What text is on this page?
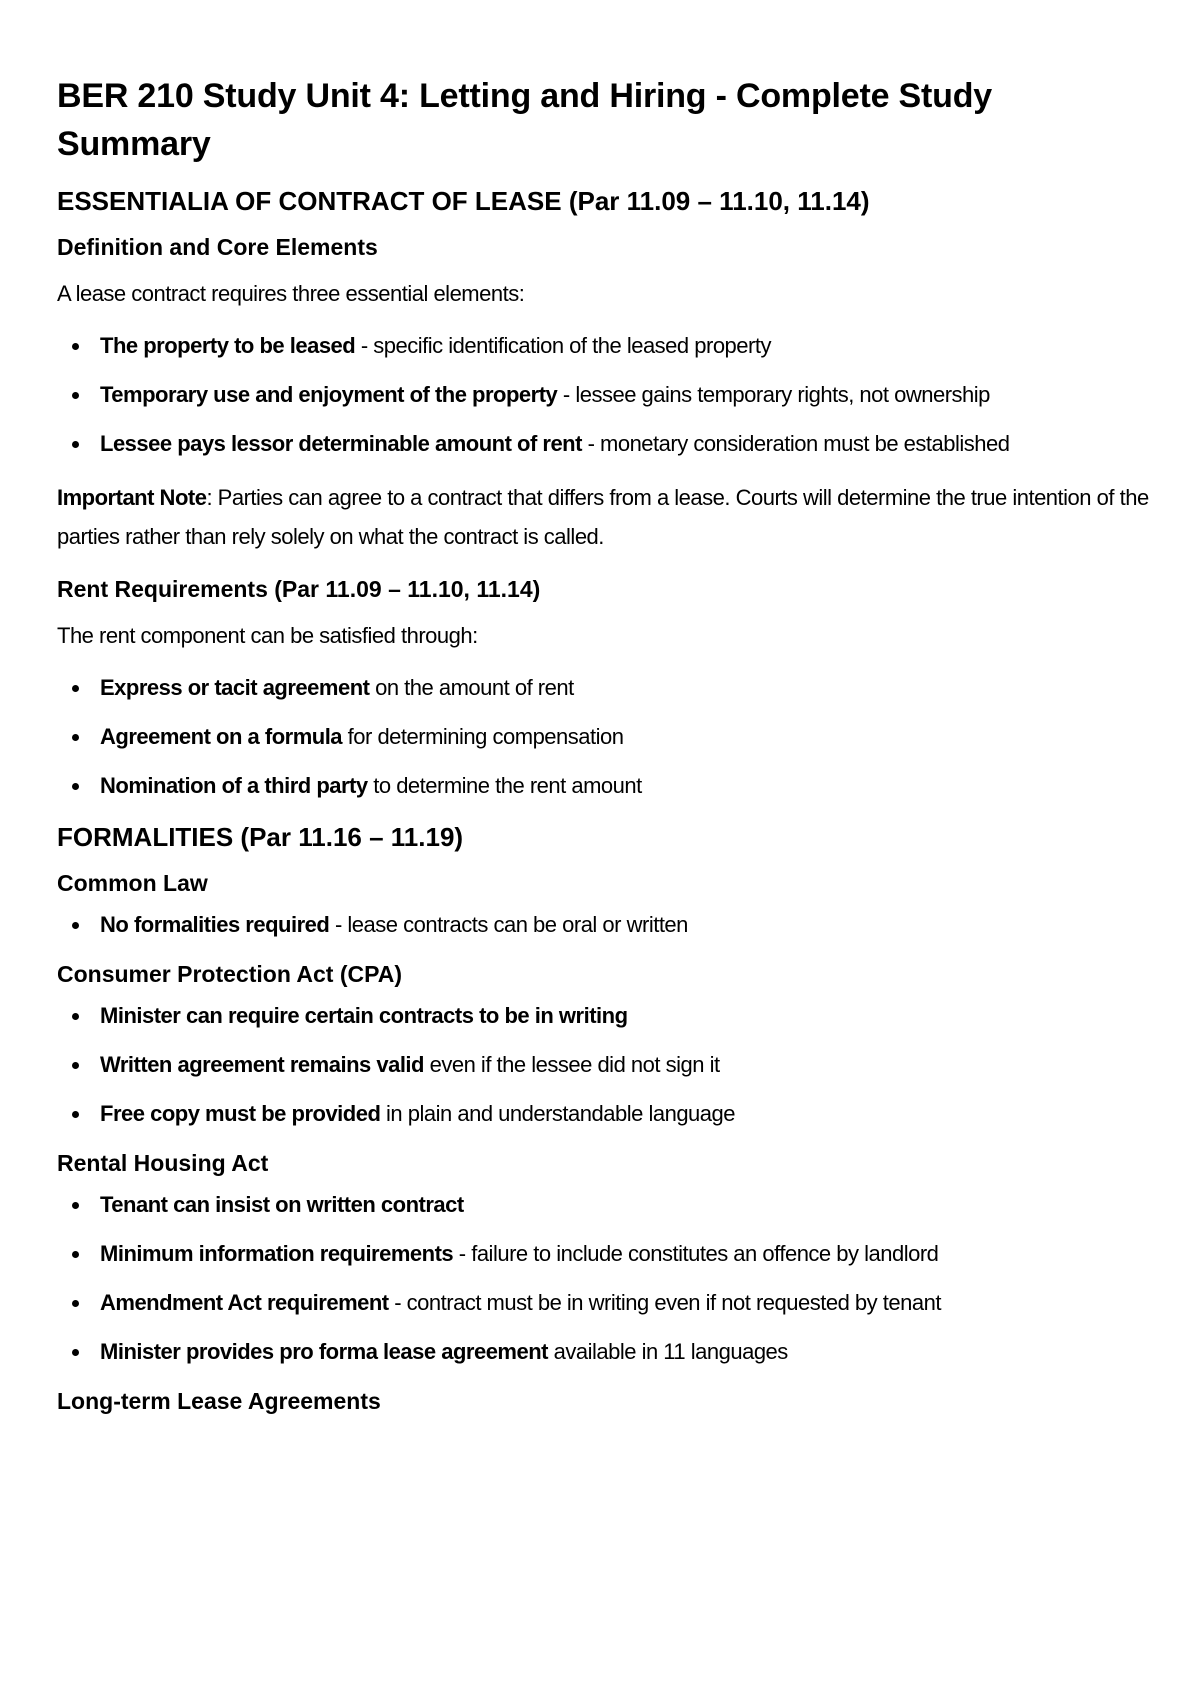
BER 210 Study Unit 4: Letting and Hiring - Complete Study Summary
ESSENTIALIA OF CONTRACT OF LEASE (Par 11.09 – 11.10, 11.14)
Definition and Core Elements

A lease contract requires three essential elements:

The property to be leased - specific identification of the leased property
Temporary use and enjoyment of the property - lessee gains temporary rights, not ownership
Lessee pays lessor determinable amount of rent - monetary consideration must be established

Important Note: Parties can agree to a contract that differs from a lease. Courts will determine the true intention of the parties rather than rely solely on what the contract is called.

Rent Requirements (Par 11.09 – 11.10, 11.14)

The rent component can be satisfied through:

Express or tacit agreement on the amount of rent
Agreement on a formula for determining compensation
Nomination of a third party to determine the rent amount
FORMALITIES (Par 11.16 – 11.19)
Common Law
No formalities required - lease contracts can be oral or written
Consumer Protection Act (CPA)
Minister can require certain contracts to be in writing
Written agreement remains valid even if the lessee did not sign it
Free copy must be provided in plain and understandable language
Rental Housing Act
Tenant can insist on written contract
Minimum information requirements - failure to include constitutes an offence by landlord
Amendment Act requirement - contract must be in writing even if not requested by tenant
Minister provides pro forma lease agreement available in 11 languages
Long-term Lease Agreements
